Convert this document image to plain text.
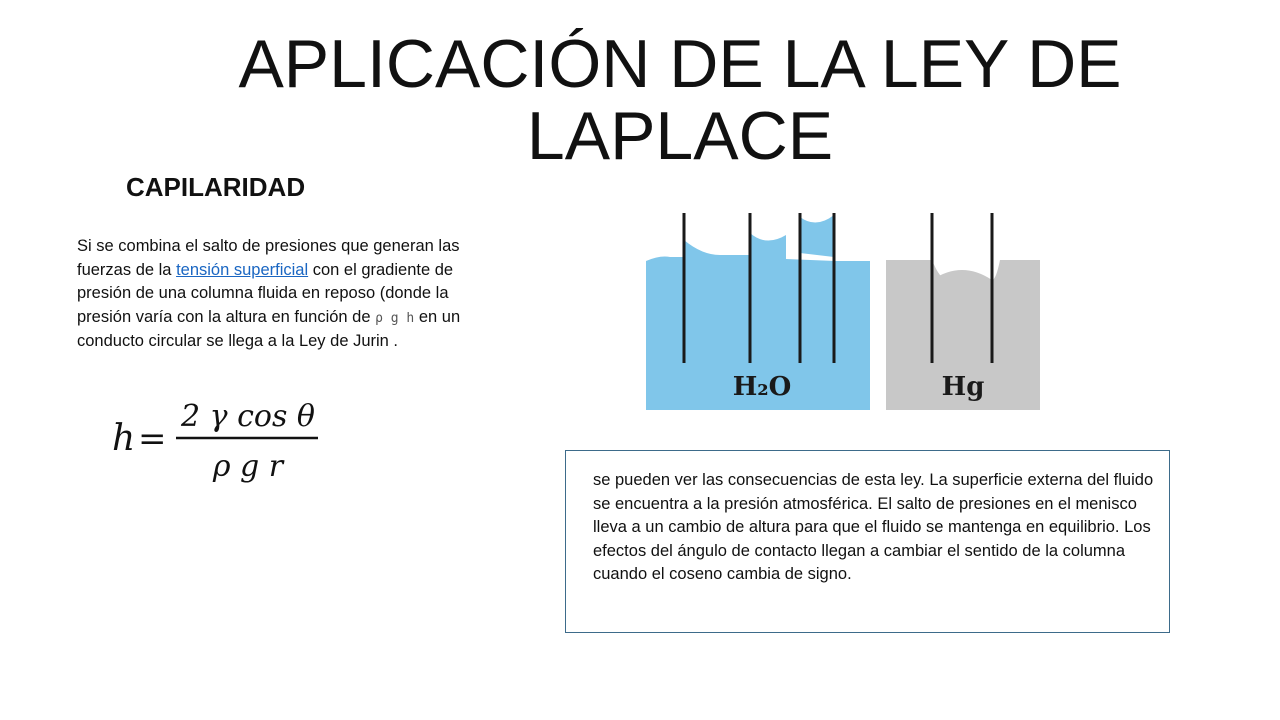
APLICACIÓN DE LA LEY DE LAPLACE
CAPILARIDAD

Si se combina el salto de presiones que generan las fuerzas de la tensión superficial con el gradiente de presión de una columna fluida en reposo (donde la presión varía con la altura en función de ρ g h en un conducto circular se llega a la Ley de Jurin .

h =
2 γ cos θ
ρ g r
H₂O	Hg

se pueden ver las consecuencias de esta ley. La superficie externa del fluido se encuentra a la presión atmosférica. El salto de presiones en el menisco lleva a un cambio de altura para que el fluido se mantenga en equilibrio. Los efectos del ángulo de contacto llegan a cambiar el sentido de la columna cuando el coseno cambia de signo.
